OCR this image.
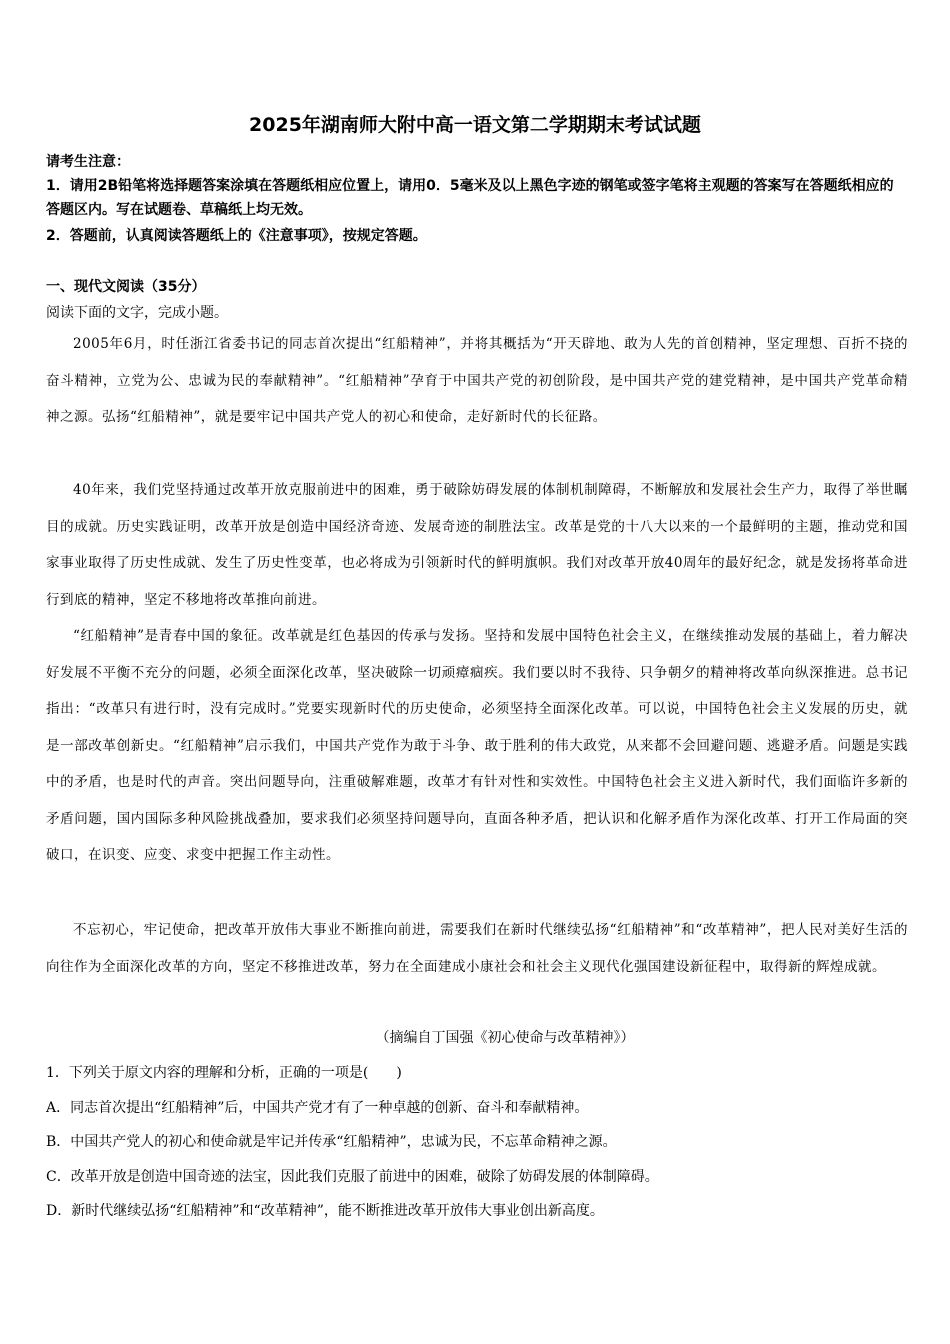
2025年湖南师大附中高一语文第二学期期末考试试题
请考生注意：
1．请用2B铅笔将选择题答案涂填在答题纸相应位置上，请用0．5毫米及以上黑色字迹的钢笔或签字笔将主观题的答案写在答题纸相应的答题区内。写在试题卷、草稿纸上均无效。
2．答题前，认真阅读答题纸上的《注意事项》，按规定答题。
一、现代文阅读（35分）
阅读下面的文字，完成小题。
2005年6月，时任浙江省委书记的同志首次提出“红船精神”，并将其概括为“开天辟地、敢为人先的首创精神，坚定理想、百折不挠的奋斗精神，立党为公、忠诚为民的奉献精神”。“红船精神”孕育于中国共产党的初创阶段，是中国共产党的建党精神，是中国共产党革命精神之源。弘扬“红船精神”，就是要牢记中国共产党人的初心和使命，走好新时代的长征路。
40年来，我们党坚持通过改革开放克服前进中的困难，勇于破除妨碍发展的体制机制障碍，不断解放和发展社会生产力，取得了举世瞩目的成就。历史实践证明，改革开放是创造中国经济奇迹、发展奇迹的制胜法宝。改革是党的十八大以来的一个最鲜明的主题，推动党和国家事业取得了历史性成就、发生了历史性变革，也必将成为引领新时代的鲜明旗帜。我们对改革开放40周年的最好纪念，就是发扬将革命进行到底的精神，坚定不移地将改革推向前进。
“红船精神”是青春中国的象征。改革就是红色基因的传承与发扬。坚持和发展中国特色社会主义，在继续推动发展的基础上，着力解决好发展不平衡不充分的问题，必须全面深化改革，坚决破除一切顽瘴痼疾。我们要以时不我待、只争朝夕的精神将改革向纵深推进。总书记指出：“改革只有进行时，没有完成时。”党要实现新时代的历史使命，必须坚持全面深化改革。可以说，中国特色社会主义发展的历史，就是一部改革创新史。“红船精神”启示我们，中国共产党作为敢于斗争、敢于胜利的伟大政党，从来都不会回避问题、逃避矛盾。问题是实践中的矛盾，也是时代的声音。突出问题导向，注重破解难题，改革才有针对性和实效性。中国特色社会主义进入新时代，我们面临许多新的矛盾问题，国内国际多种风险挑战叠加，要求我们必须坚持问题导向，直面各种矛盾，把认识和化解矛盾作为深化改革、打开工作局面的突破口，在识变、应变、求变中把握工作主动性。
不忘初心，牢记使命，把改革开放伟大事业不断推向前进，需要我们在新时代继续弘扬“红船精神”和“改革精神”，把人民对美好生活的向往作为全面深化改革的方向，坚定不移推进改革，努力在全面建成小康社会和社会主义现代化强国建设新征程中，取得新的辉煌成就。
（摘编自丁国强《初心使命与改革精神》）
1．下列关于原文内容的理解和分析，正确的一项是(　　)
A．同志首次提出“红船精神”后，中国共产党才有了一种卓越的创新、奋斗和奉献精神。
B．中国共产党人的初心和使命就是牢记并传承“红船精神”，忠诚为民，不忘革命精神之源。
C．改革开放是创造中国奇迹的法宝，因此我们克服了前进中的困难，破除了妨碍发展的体制障碍。
D．新时代继续弘扬“红船精神”和“改革精神”，能不断推进改革开放伟大事业创出新高度。
